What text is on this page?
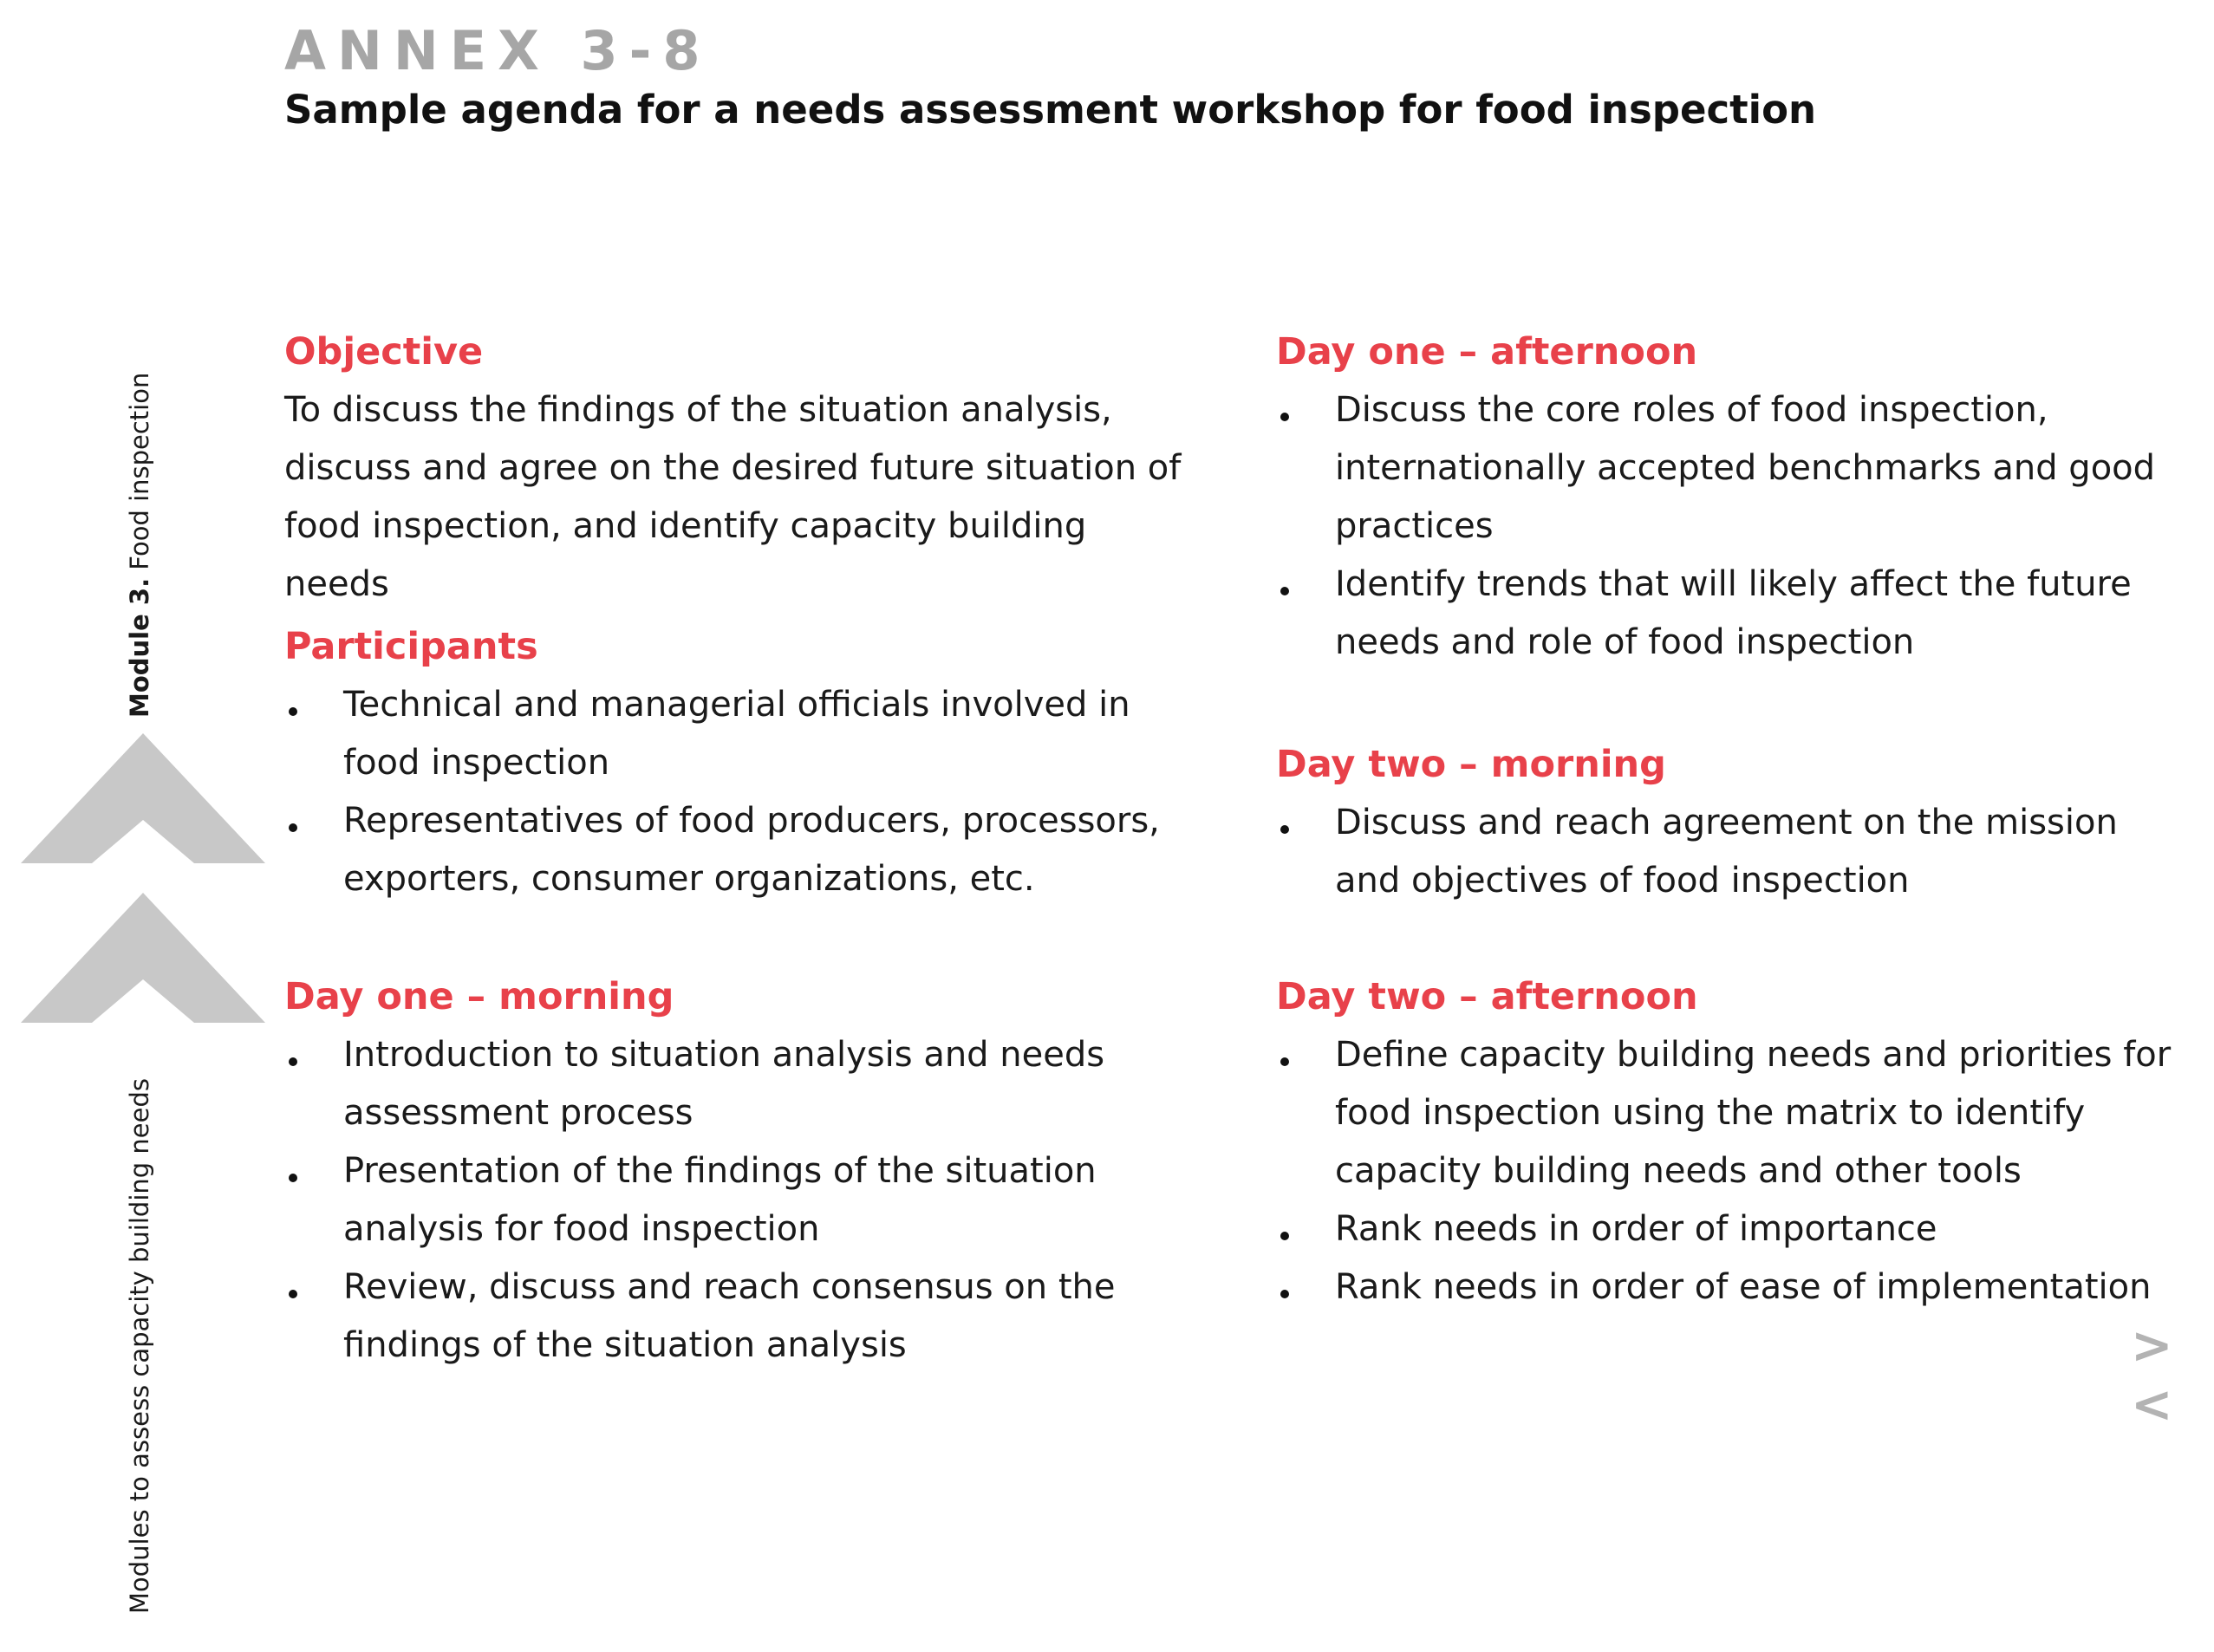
ANNEX 3-8
Sample agenda for a needs assessment workshop for food inspection
Module 3. Food inspection
Modules to assess capacity building needs	><
Objective

To discuss the findings of the situation analysis, discuss and agree on the desired future situation of food inspection, and identify capacity building needs

Participants
Technical and managerial officials involved in food inspection
Representatives of food producers, processors, exporters, consumer organizations, etc.
Day one – morning
Introduction to situation analysis and needs assessment process
Presentation of the findings of the situation analysis for food inspection
Review, discuss and reach consensus on the findings of the situation analysis
Day one – afternoon
Discuss the core roles of food inspection, internationally accepted benchmarks and good practices
Identify trends that will likely affect the future needs and role of food inspection
Day two – morning
Discuss and reach agreement on the mission and objectives of food inspection
Day two – afternoon
Define capacity building needs and priorities for food inspection using the matrix to identify capacity building needs and other tools
Rank needs in order of importance
Rank needs in order of ease of implementation
